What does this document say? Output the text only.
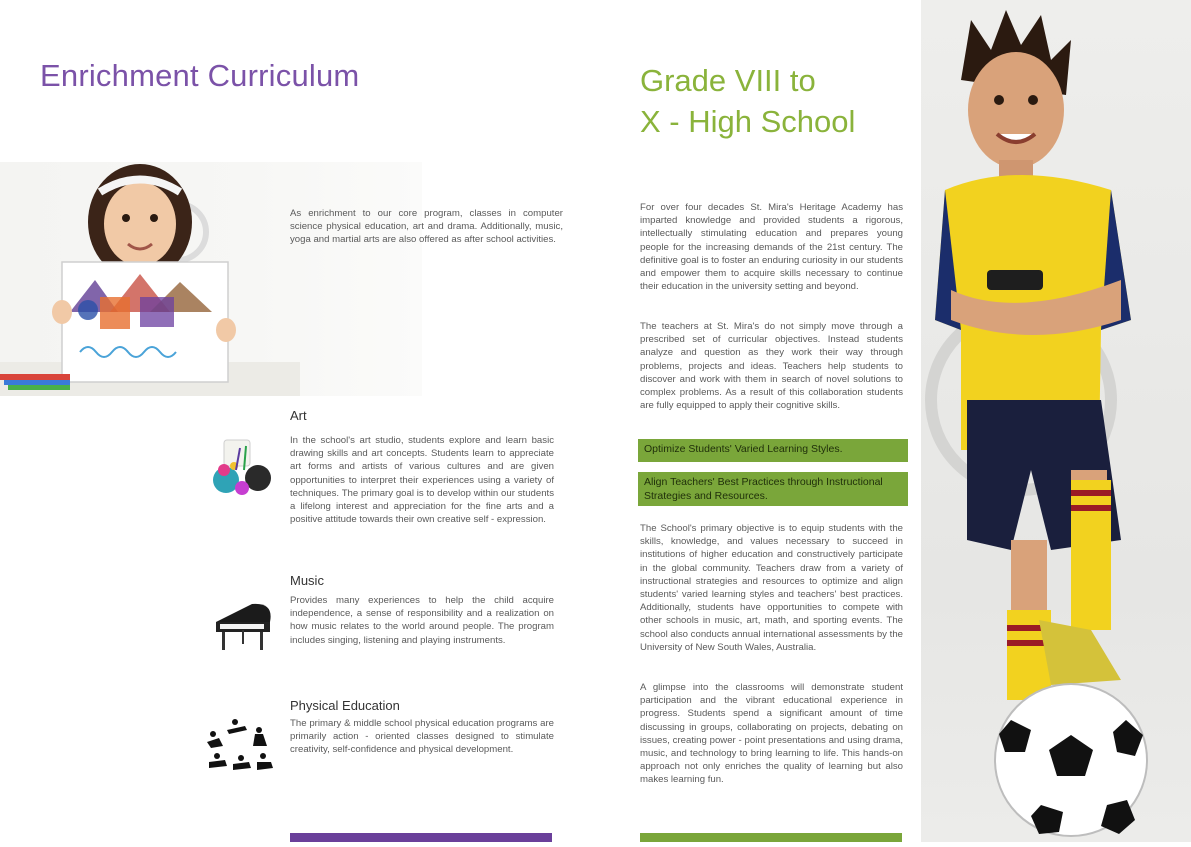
Enrichment Curriculum

As enrichment to our core program, classes in computer science physical education, art and drama. Additionally, music, yoga and martial arts are also offered as after school activities.

Art

In the school's art studio, students explore and learn basic drawing skills and art concepts. Students learn to appreciate art forms and artists of various cultures and are given opportunities to interpret their experiences using a variety of techniques. The primary goal is to develop within our students a lifelong interest and appreciation for the fine arts and a positive attitude towards their own creative self - expression.

Music

Provides many experiences to help the child acquire independence, a sense of responsibility and a realization on how music relates to the world around people. The program includes singing, listening and playing instruments.

Physical Education

The primary & middle school physical education programs are primarily action - oriented classes designed to stimulate creativity, self-confidence and physical development.

Grade VIII to
X - High School

For over four decades St. Mira's Heritage Academy has imparted knowledge and provided students a rigorous, intellectually stimulating education and prepares young people for the increasing demands of the 21st century. The definitive goal is to foster an enduring curiosity in our students and empower them to acquire skills necessary to continue their education in the university setting and beyond.

The teachers at St. Mira's do not simply move through a prescribed set of curricular objectives. Instead students analyze and question as they work their way through problems, projects and ideas. Teachers help students to discover and work with them in search of novel solutions to complex problems. As a result of this collaboration students are fully equipped to apply their cognitive skills.

Optimize Students' Varied Learning Styles.
Align Teachers' Best Practices through Instructional Strategies and Resources.

The School's primary objective is to equip students with the skills, knowledge, and values necessary to succeed in institutions of higher education and constructively participate in the global community. Teachers draw from a variety of instructional strategies and resources to optimize and align students' varied learning styles and teachers' best practices. Additionally, students have opportunities to compete with other schools in music, art, math, and sporting events. The school also conducts annual international assessments by the University of New South Wales, Australia.

A glimpse into the classrooms will demonstrate student participation and the vibrant educational experience in progress. Students spend a significant amount of time discussing in groups, collaborating on projects, debating on issues, creating power - point presentations and using drama, music, and technology to bring learning to life. This hands-on approach not only enriches the quality of learning but also makes learning fun.
